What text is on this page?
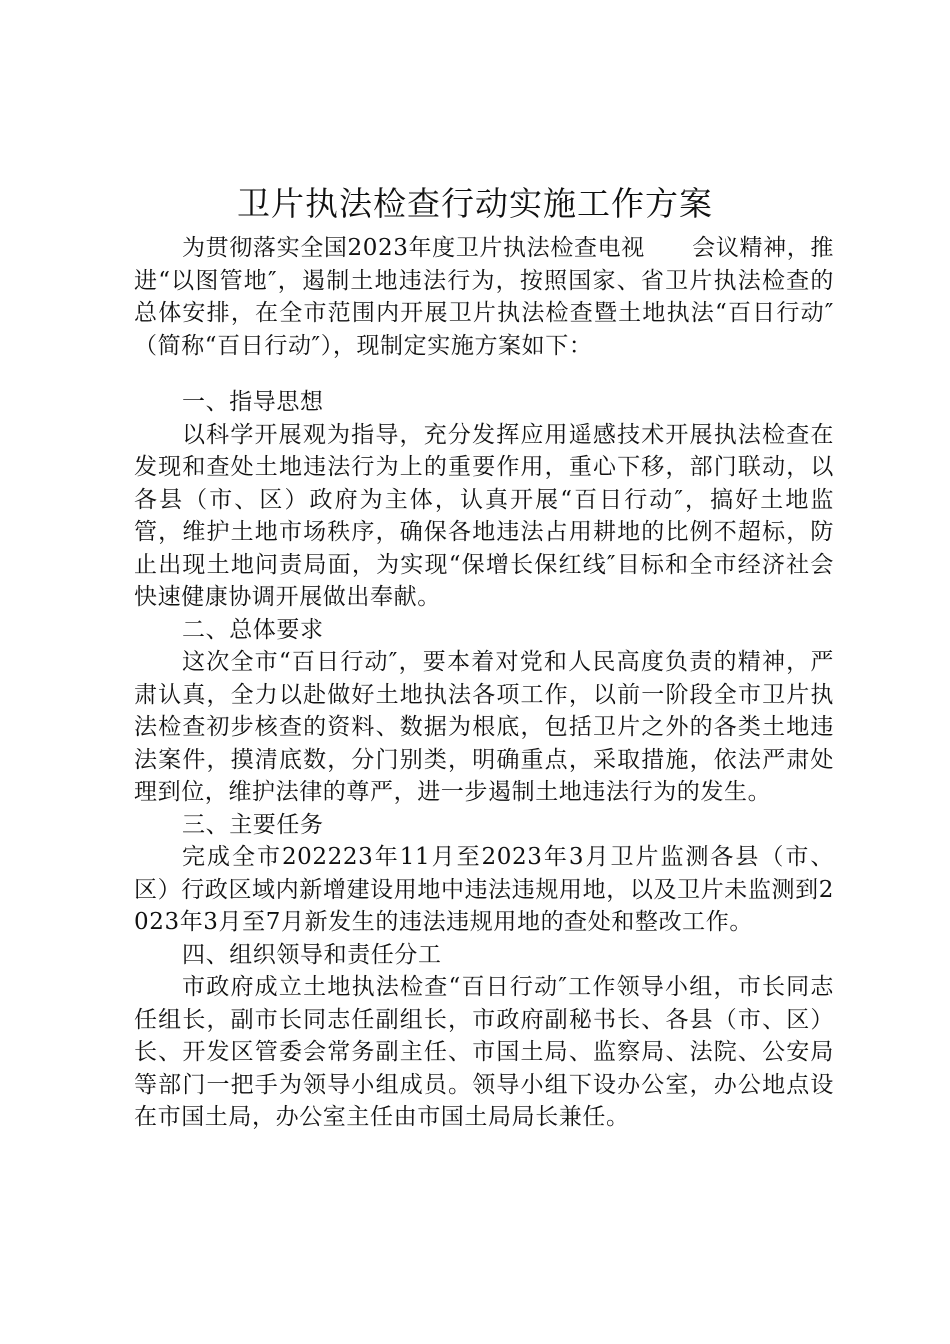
卫片执法检查行动实施工作方案

为贯彻落实全国2023年度卫片执法检查电视　　会议精神，推进“以图管地″，遏制土地违法行为，按照国家、省卫片执法检查的总体安排，在全市范围内开展卫片执法检查暨土地执法“百日行动″（简称“百日行动″），现制定实施方案如下：

一、指导思想

以科学开展观为指导，充分发挥应用遥感技术开展执法检查在发现和查处土地违法行为上的重要作用，重心下移，部门联动，以各县（市、区）政府为主体，认真开展“百日行动″，搞好土地监管，维护土地市场秩序，确保各地违法占用耕地的比例不超标，防止出现土地问责局面，为实现“保增长保红线″目标和全市经济社会快速健康协调开展做出奉献。

二、总体要求

这次全市“百日行动″，要本着对党和人民高度负责的精神，严肃认真，全力以赴做好土地执法各项工作，以前一阶段全市卫片执法检查初步核查的资料、数据为根底，包括卫片之外的各类土地违法案件，摸清底数，分门别类，明确重点，采取措施，依法严肃处理到位，维护法律的尊严，进一步遏制土地违法行为的发生。

三、主要任务

完成全市202223年11月至2023年3月卫片监测各县（市、区）行政区域内新增建设用地中违法违规用地，以及卫片未监测到2023年3月至7月新发生的违法违规用地的查处和整改工作。

四、组织领导和责任分工

市政府成立土地执法检查“百日行动″工作领导小组，市长同志任组长，副市长同志任副组长，市政府副秘书长、各县（市、区）长、开发区管委会常务副主任、市国土局、监察局、法院、公安局等部门一把手为领导小组成员。领导小组下设办公室，办公地点设在市国土局，办公室主任由市国土局局长兼任。
